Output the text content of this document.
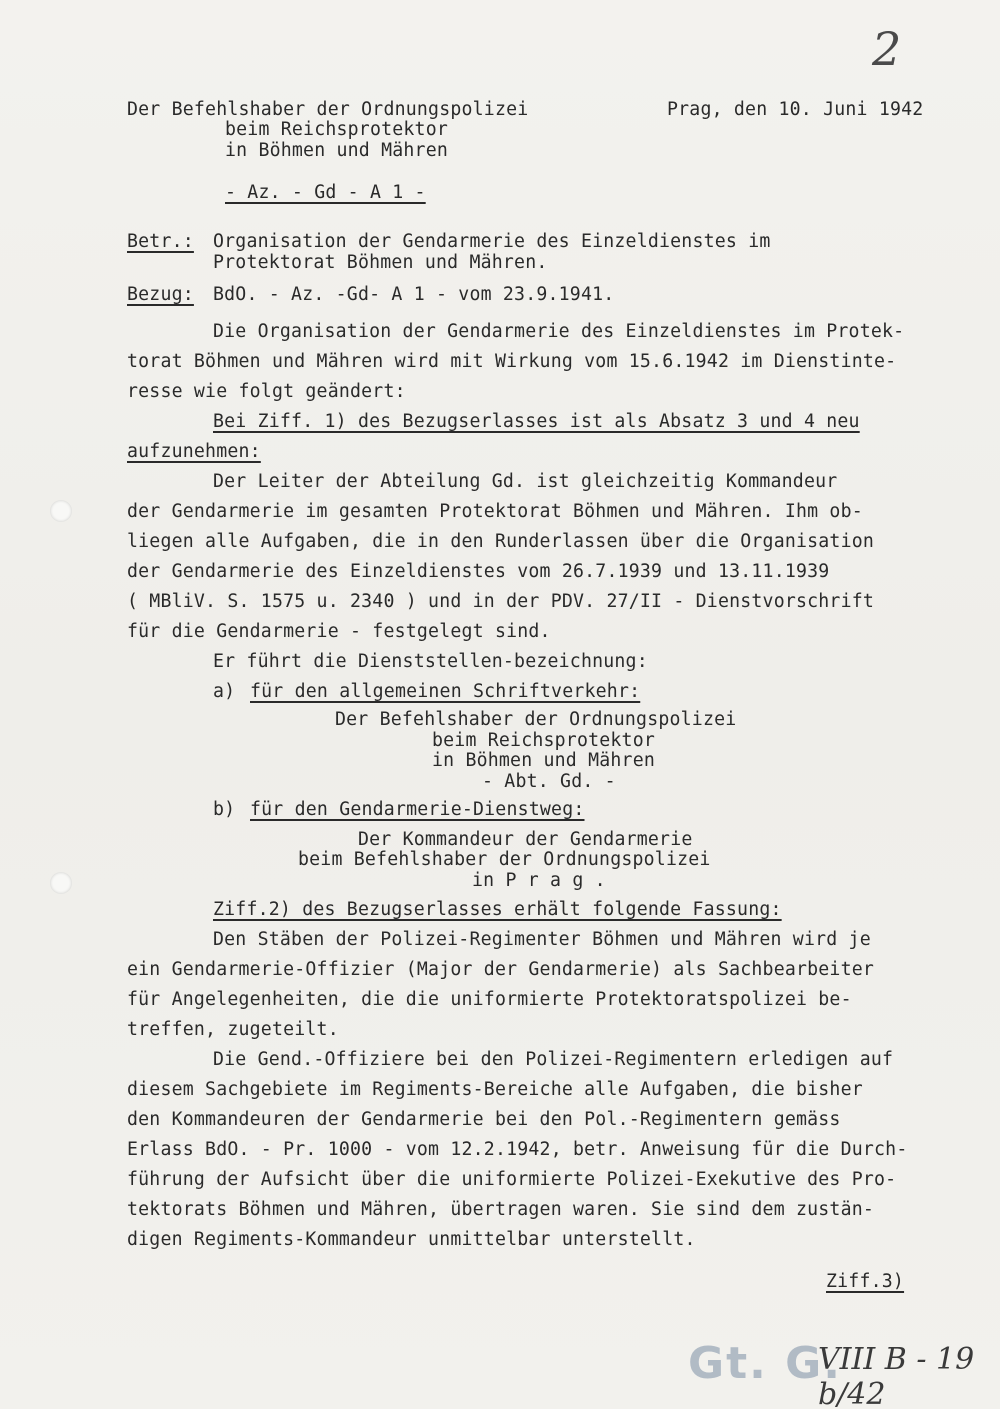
2
Der Befehlshaber der Ordnungspolizei
beim Reichsprotektor
in Böhmen und Mähren
Prag, den 10. Juni 1942
- Az. - Gd - A 1 -
Betr.: Organisation der Gendarmerie des Einzeldienstes im
Protektorat Böhmen und Mähren.
Bezug: BdO. - Az. -Gd- A 1 - vom 23.9.1941.
Die Organisation der Gendarmerie des Einzeldienstes im Protek-
torat Böhmen und Mähren wird mit Wirkung vom 15.6.1942 im Dienstinte-
resse wie folgt geändert:
Bei Ziff. 1) des Bezugserlasses ist als Absatz 3 und 4 neu
aufzunehmen:
Der Leiter der Abteilung Gd. ist gleichzeitig Kommandeur
der Gendarmerie im gesamten Protektorat Böhmen und Mähren. Ihm ob-
liegen alle Aufgaben, die in den Runderlassen über die Organisation
der Gendarmerie des Einzeldienstes vom 26.7.1939 und 13.11.1939
( MBliV. S. 1575 u. 2340 ) und in der PDV. 27/II - Dienstvorschrift
für die Gendarmerie - festgelegt sind.
Er führt die Dienststellen-bezeichnung:
a) für den allgemeinen Schriftverkehr:
Der Befehlshaber der Ordnungspolizei
beim Reichsprotektor
in Böhmen und Mähren
- Abt. Gd. -
b) für den Gendarmerie-Dienstweg:
Der Kommandeur der Gendarmerie
beim Befehlshaber der Ordnungspolizei
in P r a g .
Ziff.2) des Bezugserlasses erhält folgende Fassung:
Den Stäben der Polizei-Regimenter Böhmen und Mähren wird je
ein Gendarmerie-Offizier (Major der Gendarmerie) als Sachbearbeiter
für Angelegenheiten, die die uniformierte Protektoratspolizei be-
treffen, zugeteilt.
Die Gend.-Offiziere bei den Polizei-Regimentern erledigen auf
diesem Sachgebiete im Regiments-Bereiche alle Aufgaben, die bisher
den Kommandeuren der Gendarmerie bei den Pol.-Regimentern gemäss
Erlass BdO. - Pr. 1000 - vom 12.2.1942, betr. Anweisung für die Durch-
führung der Aufsicht über die uniformierte Polizei-Exekutive des Pro-
tektorats Böhmen und Mähren, übertragen waren. Sie sind dem zustän-
digen Regiments-Kommandeur unmittelbar unterstellt.
Ziff.3)
Gt. G.
VIII B - 19 b/42
